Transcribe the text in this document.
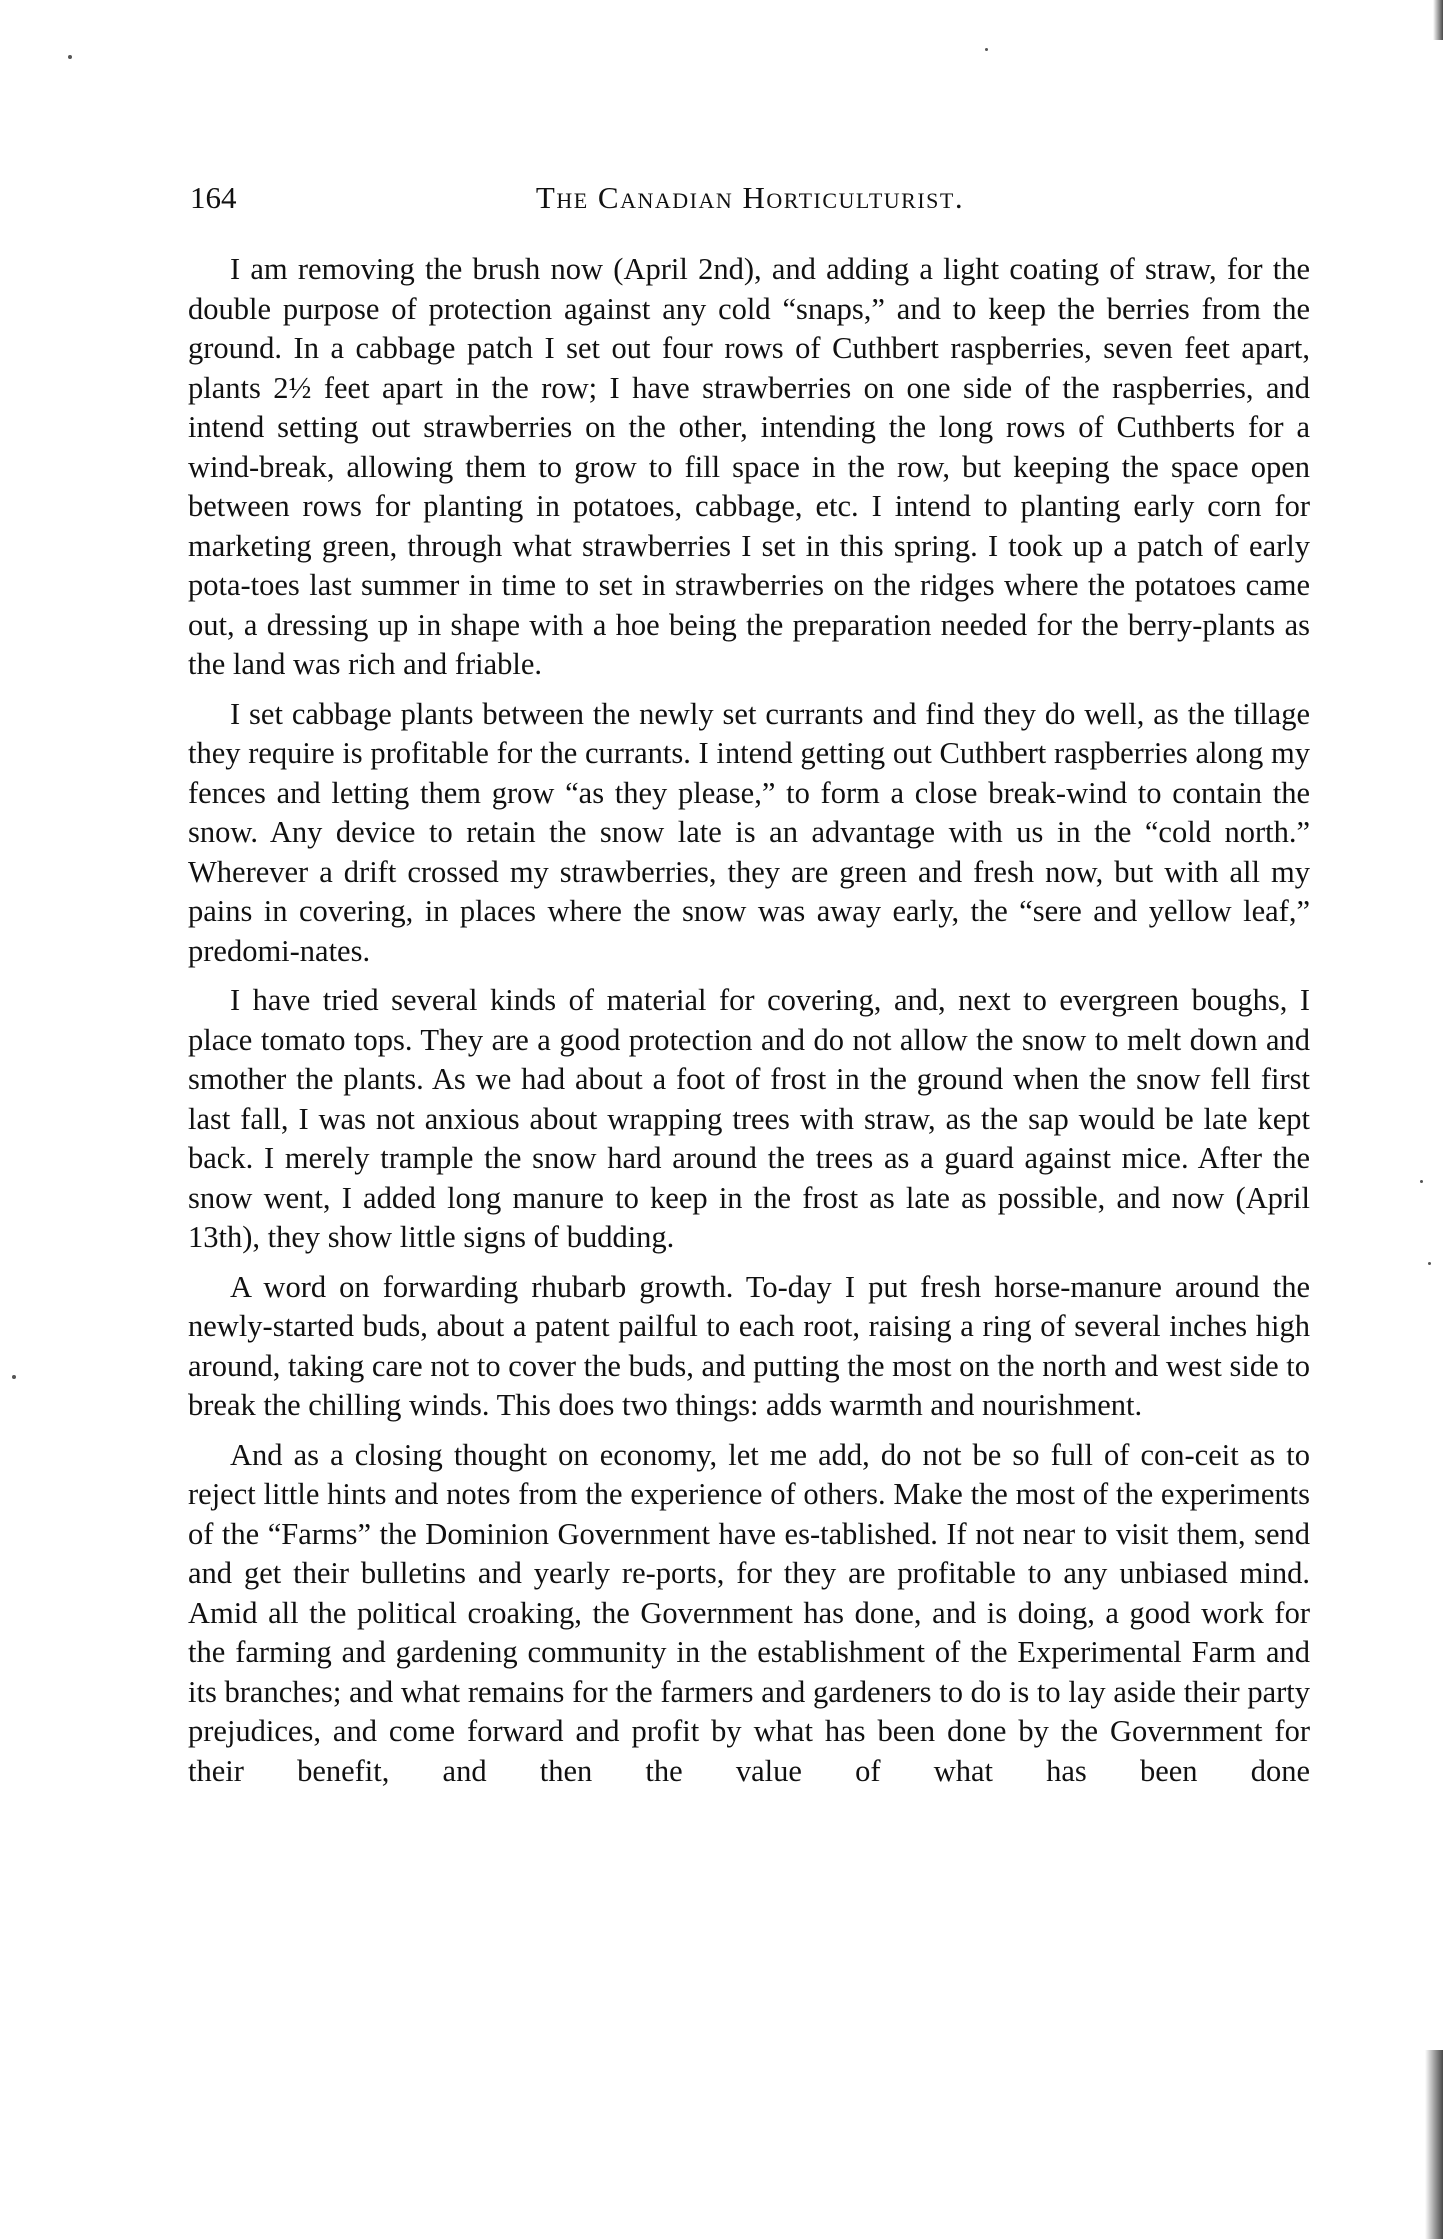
164	The Canadian Horticulturist.

I am removing the brush now (April 2nd), and adding a light coating of straw, for the double purpose of protection against any cold “snaps,” and to keep the berries from the ground. In a cabbage patch I set out four rows of Cuthbert raspberries, seven feet apart, plants 2½ feet apart in the row; I have strawberries on one side of the raspberries, and intend setting out strawberries on the other, intending the long rows of Cuthberts for a wind-break, allowing them to grow to fill space in the row, but keeping the space open between rows for planting in potatoes, cabbage, etc. I intend to planting early corn for marketing green, through what strawberries I set in this spring. I took up a patch of early pota-toes last summer in time to set in strawberries on the ridges where the potatoes came out, a dressing up in shape with a hoe being the preparation needed for the berry-plants as the land was rich and friable.

I set cabbage plants between the newly set currants and find they do well, as the tillage they require is profitable for the currants. I intend getting out Cuthbert raspberries along my fences and letting them grow “as they please,” to form a close break-wind to contain the snow. Any device to retain the snow late is an advantage with us in the “cold north.” Wherever a drift crossed my strawberries, they are green and fresh now, but with all my pains in covering, in places where the snow was away early, the “sere and yellow leaf,” predomi-nates.

I have tried several kinds of material for covering, and, next to evergreen boughs, I place tomato tops. They are a good protection and do not allow the snow to melt down and smother the plants. As we had about a foot of frost in the ground when the snow fell first last fall, I was not anxious about wrapping trees with straw, as the sap would be late kept back. I merely trample the snow hard around the trees as a guard against mice. After the snow went, I added long manure to keep in the frost as late as possible, and now (April 13th), they show little signs of budding.

A word on forwarding rhubarb growth. To-day I put fresh horse-manure around the newly-started buds, about a patent pailful to each root, raising a ring of several inches high around, taking care not to cover the buds, and putting the most on the north and west side to break the chilling winds. This does two things: adds warmth and nourishment.

And as a closing thought on economy, let me add, do not be so full of con-ceit as to reject little hints and notes from the experience of others. Make the most of the experiments of the “Farms” the Dominion Government have es-tablished. If not near to visit them, send and get their bulletins and yearly re-ports, for they are profitable to any unbiased mind. Amid all the political croaking, the Government has done, and is doing, a good work for the farming and gardening community in the establishment of the Experimental Farm and its branches; and what remains for the farmers and gardeners to do is to lay aside their party prejudices, and come forward and profit by what has been done by the Government for their benefit, and then the value of what has been done
